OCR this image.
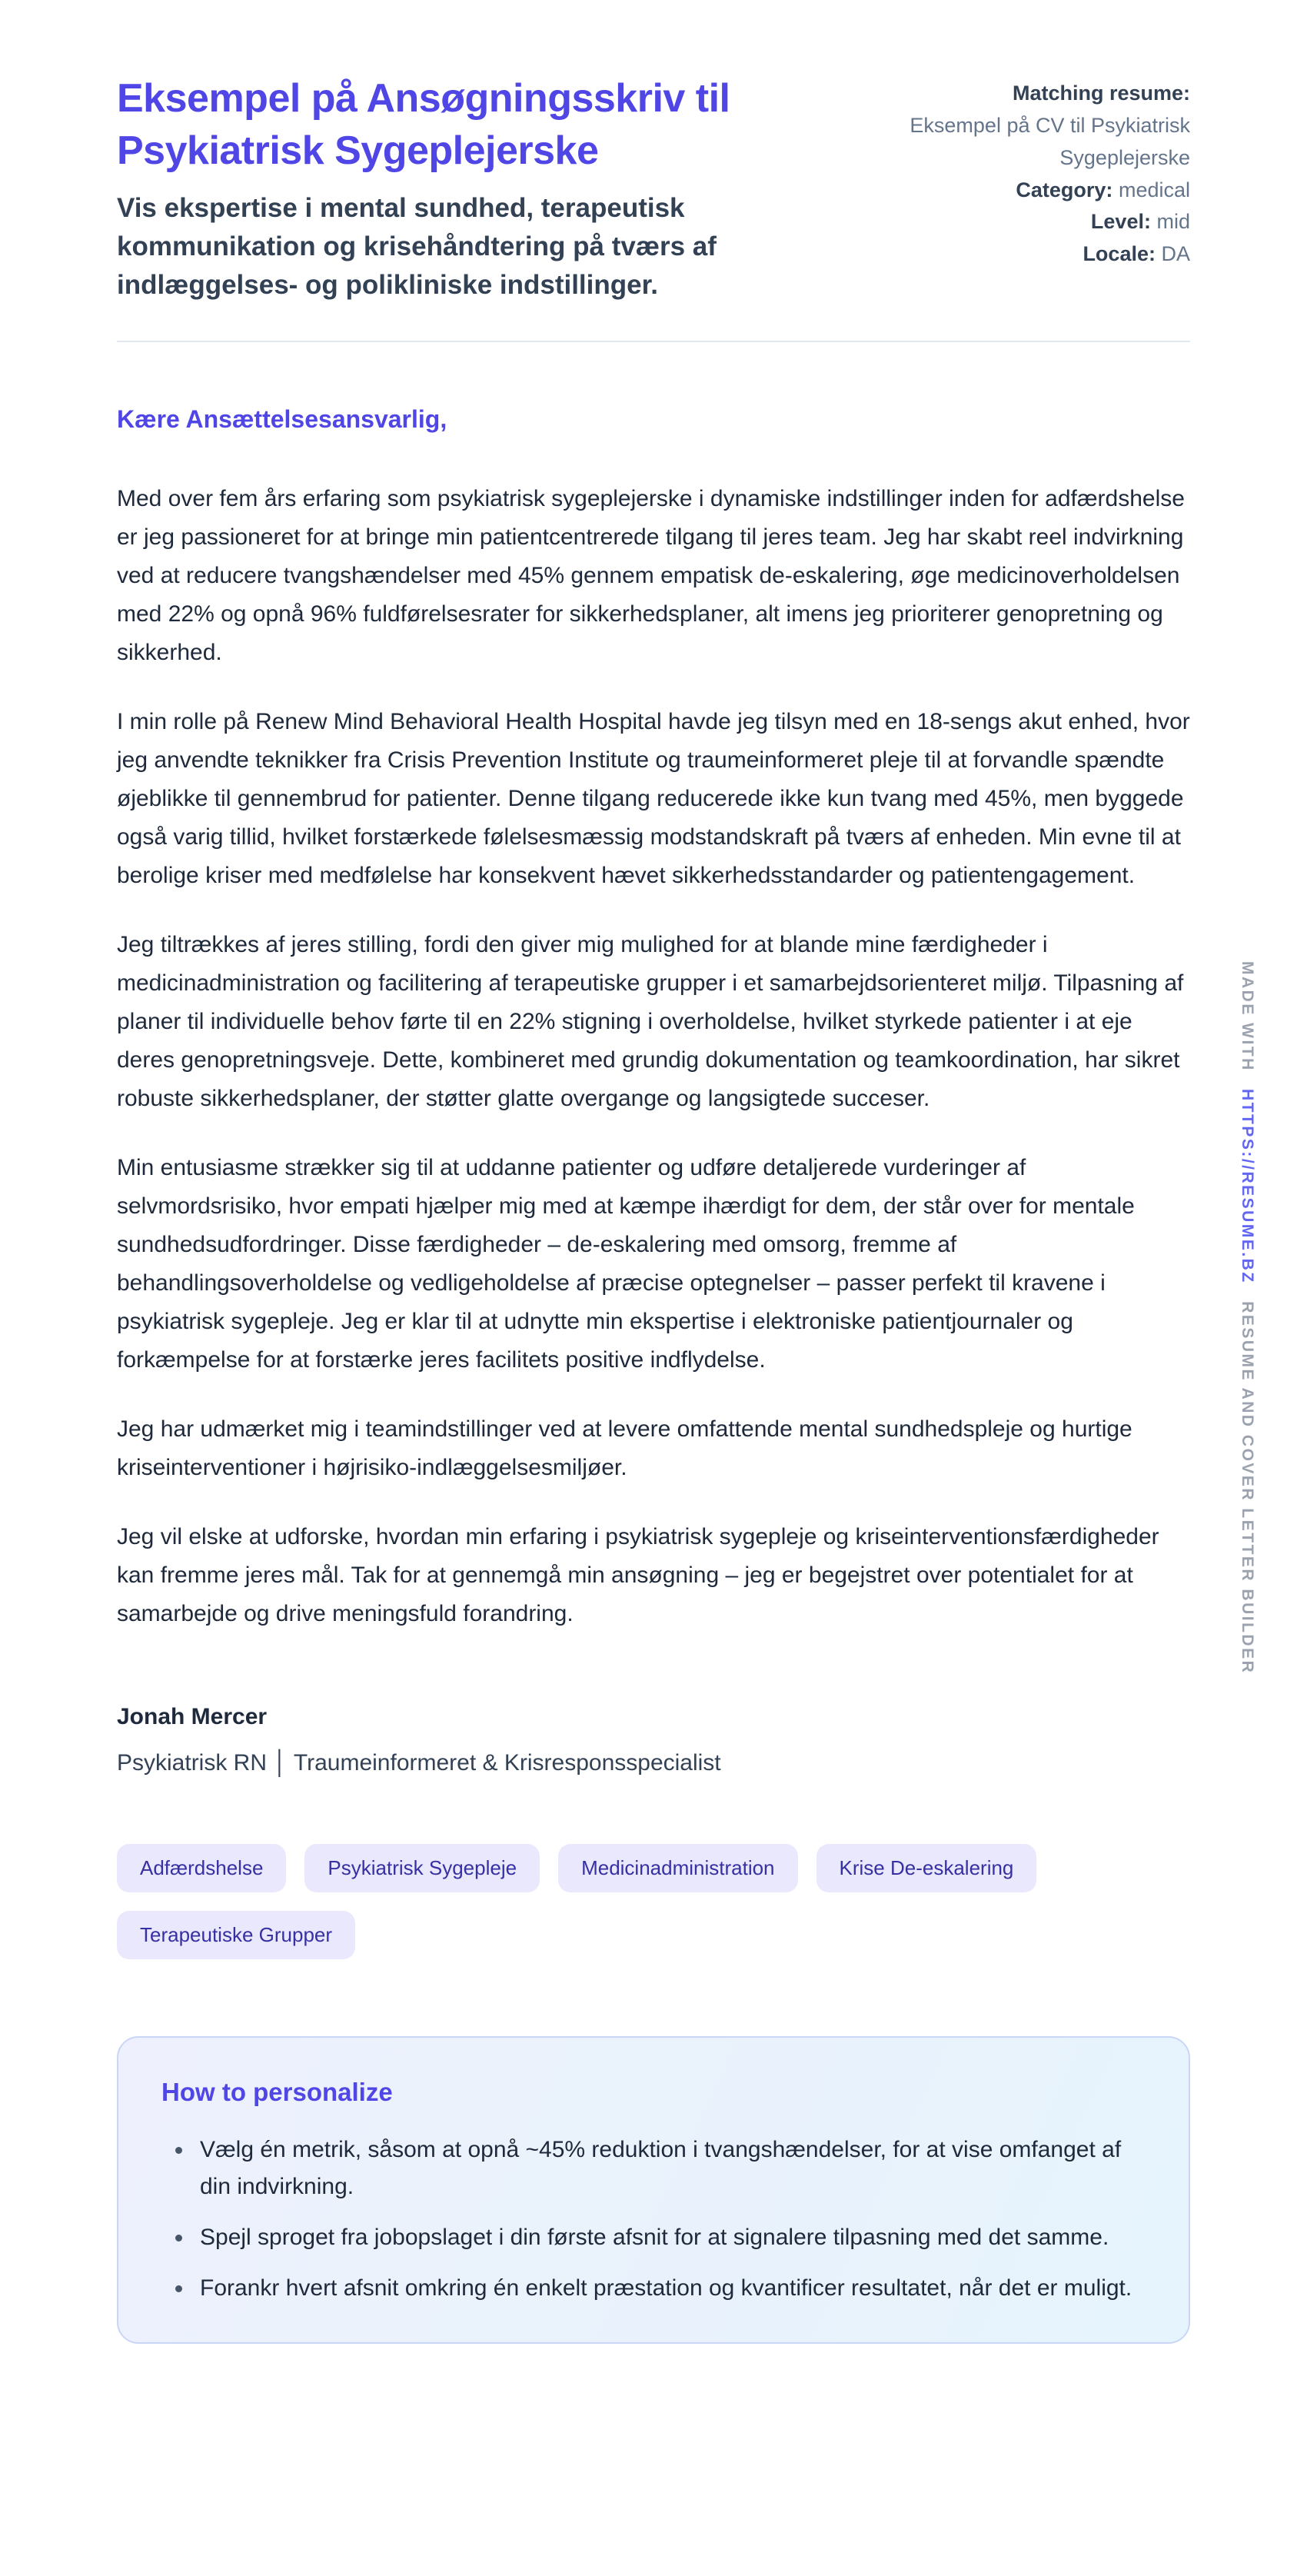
Eksempel på Ansøgningsskriv til Psykiatrisk Sygeplejerske
Vis ekspertise i mental sundhed, terapeutisk kommunikation og krisehåndtering på tværs af indlæggelses- og polikliniske indstillinger.
Matching resume:
Eksempel på CV til Psykiatrisk Sygeplejerske
Category: medical
Level: mid
Locale: DA

Kære Ansættelsesansvarlig,

Med over fem års erfaring som psykiatrisk sygeplejerske i dynamiske indstillinger inden for adfærdshelse er jeg passioneret for at bringe min patientcentrerede tilgang til jeres team. Jeg har skabt reel indvirkning ved at reducere tvangshændelser med 45% gennem empatisk de-eskalering, øge medicinoverholdelsen med 22% og opnå 96% fuldførelsesrater for sikkerhedsplaner, alt imens jeg prioriterer genopretning og sikkerhed.

I min rolle på Renew Mind Behavioral Health Hospital havde jeg tilsyn med en 18-sengs akut enhed, hvor jeg anvendte teknikker fra Crisis Prevention Institute og traumeinformeret pleje til at forvandle spændte øjeblikke til gennembrud for patienter. Denne tilgang reducerede ikke kun tvang med 45%, men byggede også varig tillid, hvilket forstærkede følelsesmæssig modstandskraft på tværs af enheden. Min evne til at berolige kriser med medfølelse har konsekvent hævet sikkerhedsstandarder og patientengagement.

Jeg tiltrækkes af jeres stilling, fordi den giver mig mulighed for at blande mine færdigheder i medicinadministration og facilitering af terapeutiske grupper i et samarbejdsorienteret miljø. Tilpasning af planer til individuelle behov førte til en 22% stigning i overholdelse, hvilket styrkede patienter i at eje deres genopretningsveje. Dette, kombineret med grundig dokumentation og teamkoordination, har sikret robuste sikkerhedsplaner, der støtter glatte overgange og langsigtede succeser.

Min entusiasme strækker sig til at uddanne patienter og udføre detaljerede vurderinger af selvmordsrisiko, hvor empati hjælper mig med at kæmpe ihærdigt for dem, der står over for mentale sundhedsudfordringer. Disse færdigheder – de-eskalering med omsorg, fremme af behandlingsoverholdelse og vedligeholdelse af præcise optegnelser – passer perfekt til kravene i psykiatrisk sygepleje. Jeg er klar til at udnytte min ekspertise i elektroniske patientjournaler og forkæmpelse for at forstærke jeres facilitets positive indflydelse.

Jeg har udmærket mig i teamindstillinger ved at levere omfattende mental sundhedspleje og hurtige kriseinterventioner i højrisiko-indlæggelsesmiljøer.

Jeg vil elske at udforske, hvordan min erfaring i psykiatrisk sygepleje og kriseinterventionsfærdigheder kan fremme jeres mål. Tak for at gennemgå min ansøgning – jeg er begejstret over potentialet for at samarbejde og drive meningsfuld forandring.

Jonah Mercer

Psykiatrisk RN │ Traumeinformeret & Krisresponsspecialist

Adfærdshelse	Psykiatrisk Sygepleje	Medicinadministration	Krise De-eskalering
Terapeutiske Grupper
How to personalize
• Vælg én metrik, såsom at opnå ~45% reduktion i tvangshændelser, for at vise omfanget af din indvirkning.
• Spejl sproget fra jobopslaget i din første afsnit for at signalere tilpasning med det samme.
• Forankr hvert afsnit omkring én enkelt præstation og kvantificer resultatet, når det er muligt.
MADE WITH HTTPS://RESUME.BZ RESUME AND COVER LETTER BUILDER
